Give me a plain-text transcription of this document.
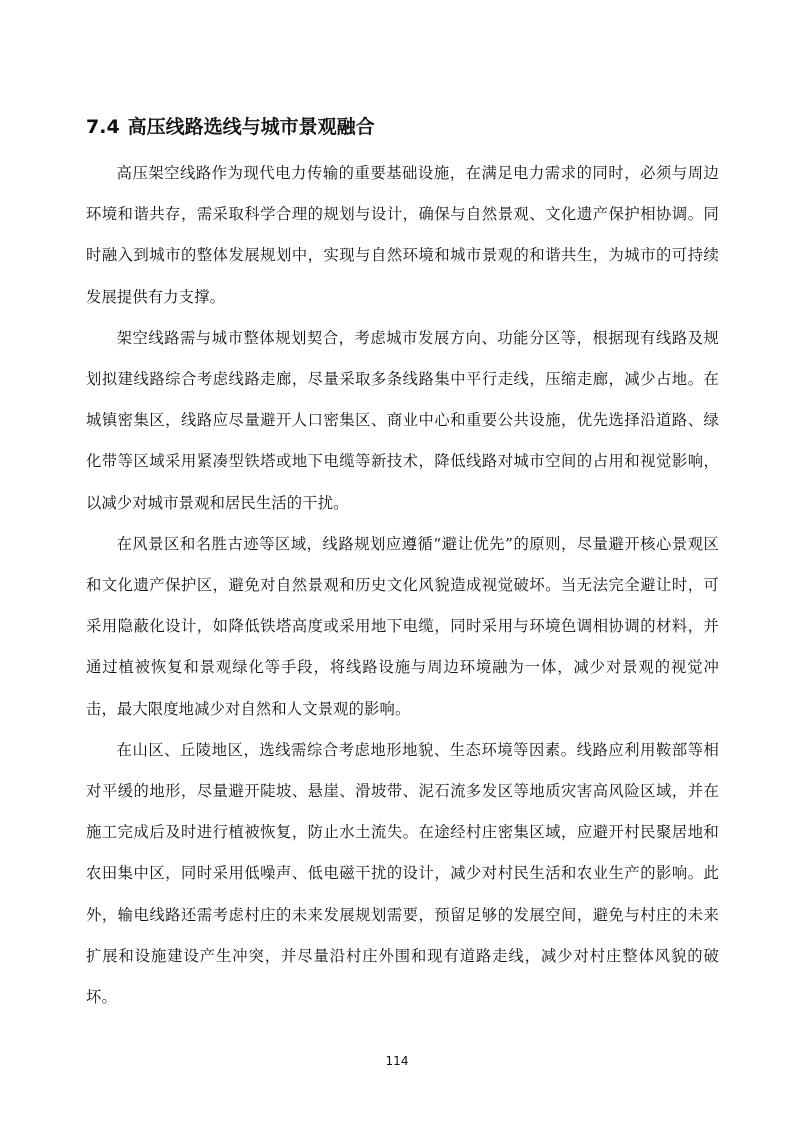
7.4 高压线路选线与城市景观融合

高压架空线路作为现代电力传输的重要基础设施，在满足电力需求的同时，必须与周边环境和谐共存，需采取科学合理的规划与设计，确保与自然景观、文化遗产保护相协调。同时融入到城市的整体发展规划中，实现与自然环境和城市景观的和谐共生，为城市的可持续发展提供有力支撑。

架空线路需与城市整体规划契合，考虑城市发展方向、功能分区等，根据现有线路及规划拟建线路综合考虑线路走廊，尽量采取多条线路集中平行走线，压缩走廊，减少占地。在城镇密集区，线路应尽量避开人口密集区、商业中心和重要公共设施，优先选择沿道路、绿化带等区域采用紧凑型铁塔或地下电缆等新技术，降低线路对城市空间的占用和视觉影响，以减少对城市景观和居民生活的干扰。

在风景区和名胜古迹等区域，线路规划应遵循“避让优先”的原则，尽量避开核心景观区和文化遗产保护区，避免对自然景观和历史文化风貌造成视觉破坏。当无法完全避让时，可采用隐蔽化设计，如降低铁塔高度或采用地下电缆，同时采用与环境色调相协调的材料，并通过植被恢复和景观绿化等手段，将线路设施与周边环境融为一体，减少对景观的视觉冲击，最大限度地减少对自然和人文景观的影响。

在山区、丘陵地区，选线需综合考虑地形地貌、生态环境等因素。线路应利用鞍部等相对平缓的地形，尽量避开陡坡、悬崖、滑坡带、泥石流多发区等地质灾害高风险区域，并在施工完成后及时进行植被恢复，防止水土流失。在途经村庄密集区域，应避开村民聚居地和农田集中区，同时采用低噪声、低电磁干扰的设计，减少对村民生活和农业生产的影响。此外，输电线路还需考虑村庄的未来发展规划需要，预留足够的发展空间，避免与村庄的未来扩展和设施建设产生冲突，并尽量沿村庄外围和现有道路走线，减少对村庄整体风貌的破坏。

114
